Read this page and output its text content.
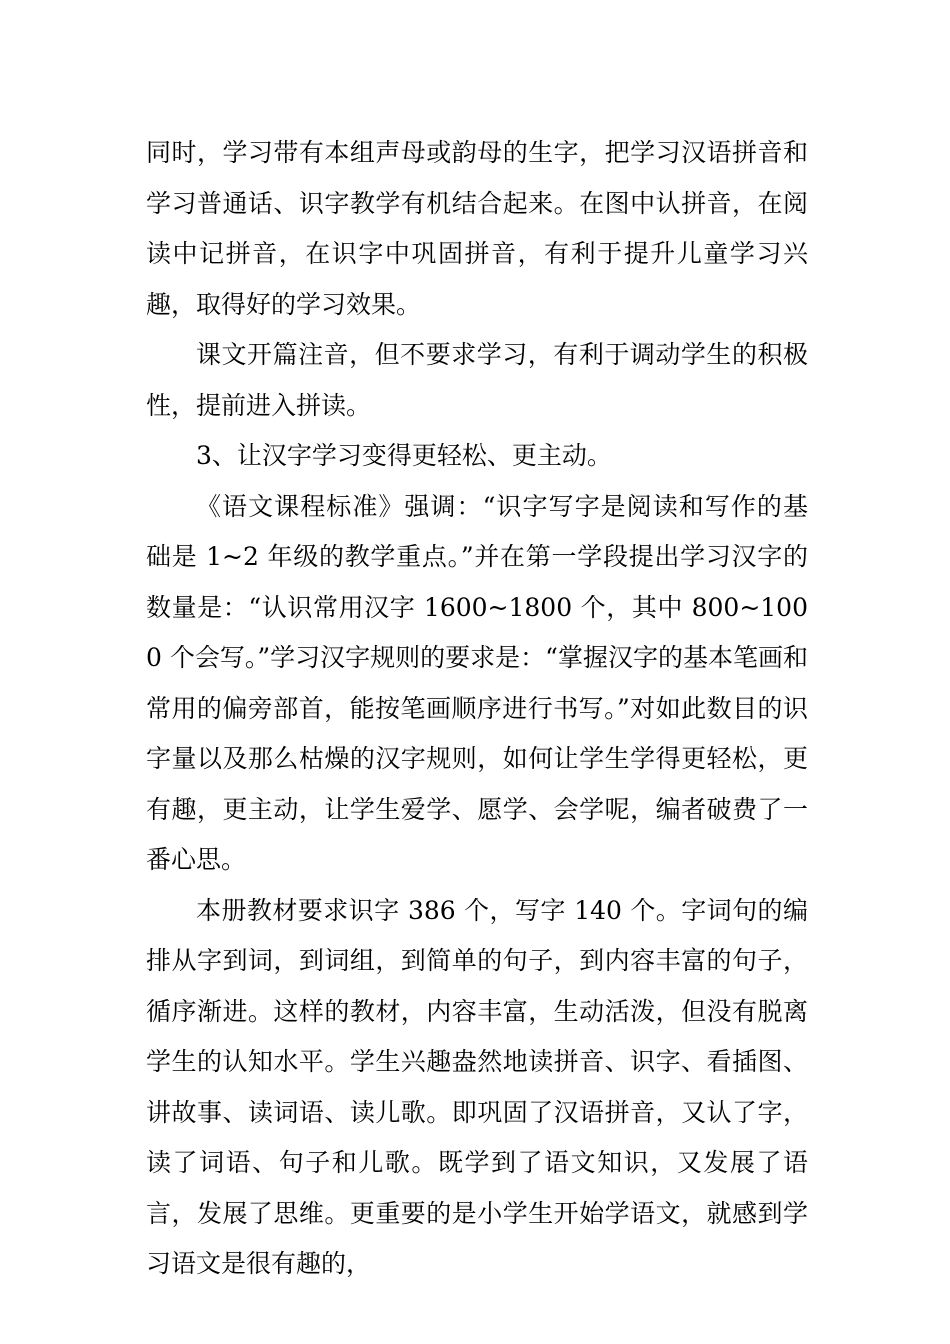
同时，学习带有本组声母或韵母的生字，把学习汉语拼音和学习普通话、识字教学有机结合起来。在图中认拼音，在阅读中记拼音，在识字中巩固拼音，有利于提升儿童学习兴趣，取得好的学习效果。

课文开篇注音，但不要求学习，有利于调动学生的积极性，提前进入拼读。

3、让汉字学习变得更轻松、更主动。

《语文课程标准》强调：“识字写字是阅读和写作的基础是 1~2 年级的教学重点。”并在第一学段提出学习汉字的数量是：“认识常用汉字 1600~1800 个，其中 800~1000 个会写。”学习汉字规则的要求是：“掌握汉字的基本笔画和常用的偏旁部首，能按笔画顺序进行书写。”对如此数目的识字量以及那么枯燥的汉字规则，如何让学生学得更轻松，更有趣，更主动，让学生爱学、愿学、会学呢，编者破费了一番心思。

本册教材要求识字 386 个，写字 140 个。字词句的编排从字到词，到词组，到简单的句子，到内容丰富的句子，循序渐进。这样的教材，内容丰富，生动活泼，但没有脱离学生的认知水平。学生兴趣盎然地读拼音、识字、看插图、讲故事、读词语、读儿歌。即巩固了汉语拼音，又认了字，读了词语、句子和儿歌。既学到了语文知识，又发展了语言，发展了思维。更重要的是小学生开始学语文，就感到学习语文是很有趣的，
